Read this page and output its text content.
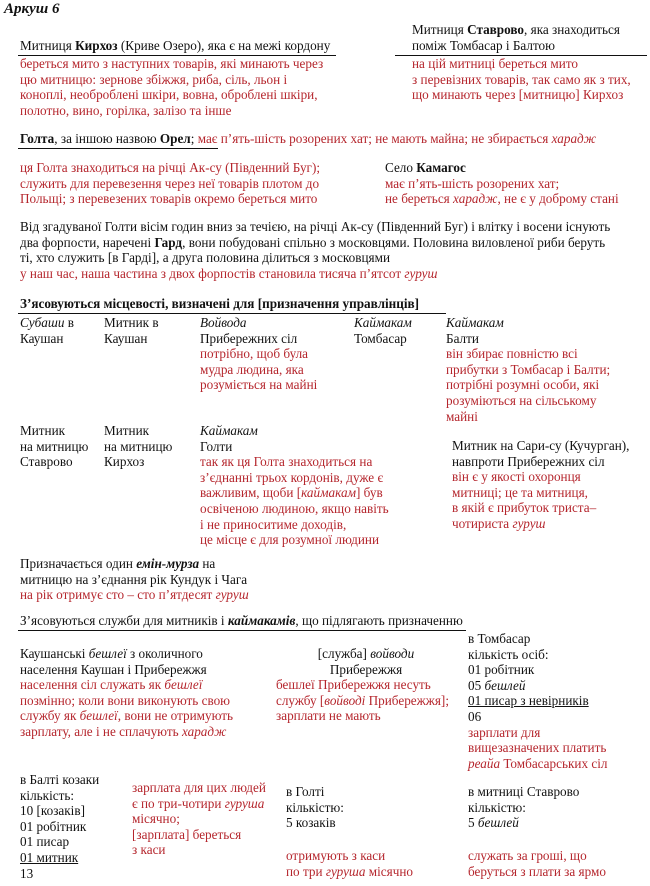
Аркуш 6
Митниця Кирхоз (Криве Озеро), яка є на межі кордону
береться мито з наступних товарів, які минають через
цю митницю: зернове збіжжя, риба, сіль, льон і
коноплі, необроблені шкіри, вовна, оброблені шкіри,
полотно, вино, горілка, залізо та інше
Митниця Ставрово, яка знаходиться
поміж Томбасар і Балтою
на цій митниці береться мито
з перевізних товарів, так само як з тих,
що минають через [митницю] Кирхоз
Голта, за іншою назвою Орел; має п’ять-шість розорених хат; не мають майна; не збирається харадж
ця Голта знаходиться на річці Ак-су (Південний Буг);
служить для перевезення через неї товарів плотом до
Польщі; з перевезених товарів окремо береться мито
Село Камагос
має п’ять-шість розорених хат;
не береться харадж, не є у доброму стані
Від згадуваної Голти вісім годин вниз за течією, на річці Ак-су (Південний Буг) і влітку і восени існують
два форпости, наречені Гард, вони побудовані спільно з московцями. Половина виловленої риби беруть
ті, хто служить [в Гарді], а друга половина ділиться з московцями
у наш час, наша частина з двох форпостів становила тисяча п’ятсот гуруш
З’ясовуються місцевості, визначені для [призначення управлінців]
Субаши в
Каушан
Митник в
Каушан
Войвода
Прибережних сіл
потрібно, щоб була
мудра людина, яка
розуміється на майні
Каймакам
Томбасар
Каймакам
Балти
він збирає повністю всі
прибутки з Томбасар і Балти;
потрібні розумні особи, які
розуміються на сільському
майні
Митник
на митницю
Ставрово
Митник
на митницю
Кирхоз
Каймакам
Голти
так як ця Голта знаходиться на
з’єднанні трьох кордонів, дуже є
важливим, щоби [каймакам] був
освіченою людиною, якщо навіть
і не приноситиме доходів,
це місце є для розумної людини
Митник на Сари-су (Кучурган),
навпроти Прибережних сіл
він є у якості охоронця
митниці; це та митниця,
в якій є прибуток триста–
чотириста гуруш
Призначається один емін-мурза на
митницю на з’єднання рік Кундук і Чага
на рік отримує сто – сто п’ятдесят гуруш
З’ясовуються служби для митників і каймакамів, що підлягають призначенню
Каушанські бешлеї з околичного
населення Каушан і Прибережжя
населення сіл служать як бешлеї
позмінно; коли вони виконують свою
службу як бешлеї, вони не отримують
зарплату, але і не сплачують харадж
[служба] войводи
Прибережжя
бешлеї Прибережжя несуть
службу [войводі Прибережжя];
зарплати не мають
в Томбасар
кількість осіб:
01 робітник
05 бешлей
01 писар з невірників
06
зарплати для
вищезазначених платить
реайа Томбасарських сіл
в Балті козаки
кількість:
10 [козаків]
01 робітник
01 писар
01 митник
13
зарплата для цих людей
є по три-чотири гуруша
місячно;
[зарплата] береться
з каси
в Голті
кількістю:
5 козаків
отримують з каси
по три гуруша місячно
в митниці Ставрово
кількістю:
5 бешлей
служать за гроші, що
беруться з плати за ярмо
